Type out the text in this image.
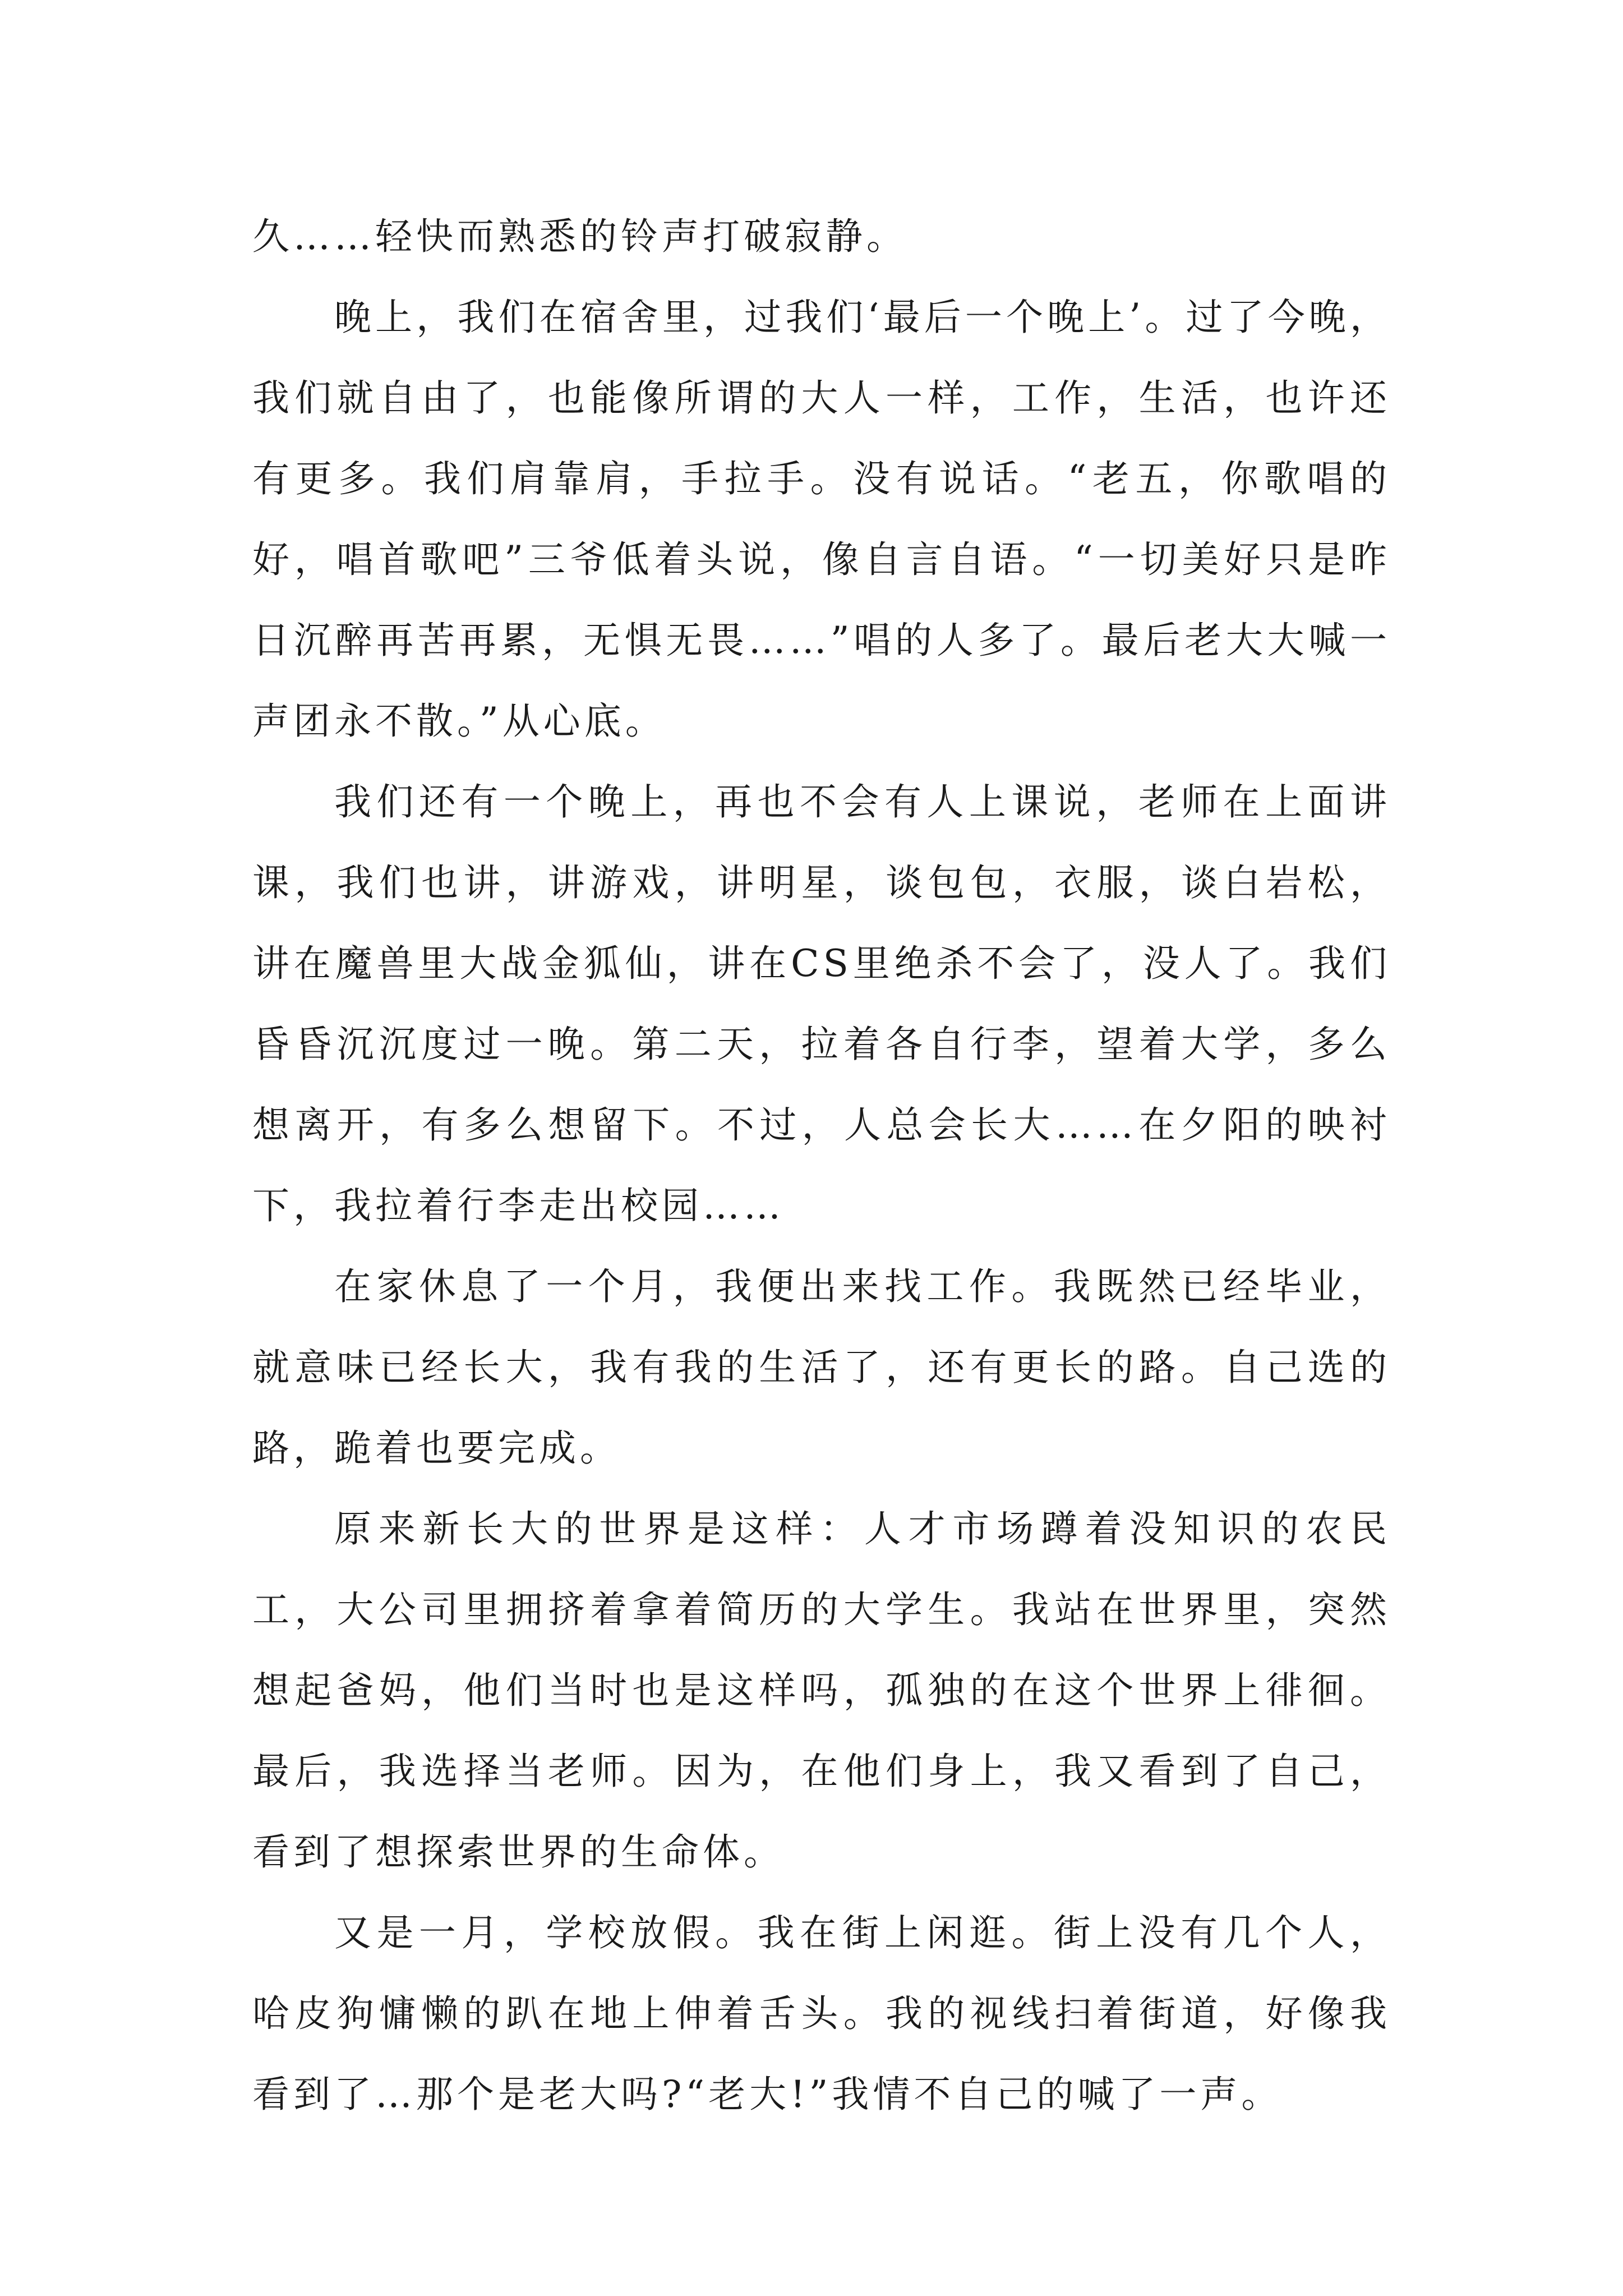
久……轻快而熟悉的铃声打破寂静。

晚上，我们在宿舍里，过我们‘最后一个晚上’。过了今晚，我们就自由了，也能像所谓的大人一样，工作，生活，也许还有更多。我们肩靠肩，手拉手。没有说话。“老五，你歌唱的好，唱首歌吧”三爷低着头说，像自言自语。“一切美好只是昨日沉醉再苦再累，无惧无畏……”唱的人多了。最后老大大喊一声团永不散。”从心底。

我们还有一个晚上，再也不会有人上课说，老师在上面讲课，我们也讲，讲游戏，讲明星，谈包包，衣服，谈白岩松，讲在魔兽里大战金狐仙，讲在CS里绝杀不会了，没人了。我们昏昏沉沉度过一晚。第二天，拉着各自行李，望着大学，多么想离开，有多么想留下。不过，人总会长大……在夕阳的映衬下，我拉着行李走出校园……

在家休息了一个月，我便出来找工作。我既然已经毕业，就意味已经长大，我有我的生活了，还有更长的路。自己选的路，跪着也要完成。

原来新长大的世界是这样：人才市场蹲着没知识的农民工，大公司里拥挤着拿着简历的大学生。我站在世界里，突然想起爸妈，他们当时也是这样吗，孤独的在这个世界上徘徊。最后，我选择当老师。因为，在他们身上，我又看到了自己，看到了想探索世界的生命体。

又是一月，学校放假。我在街上闲逛。街上没有几个人，哈皮狗慵懒的趴在地上伸着舌头。我的视线扫着街道，好像我看到了…那个是老大吗?“老大!”我情不自己的喊了一声。
